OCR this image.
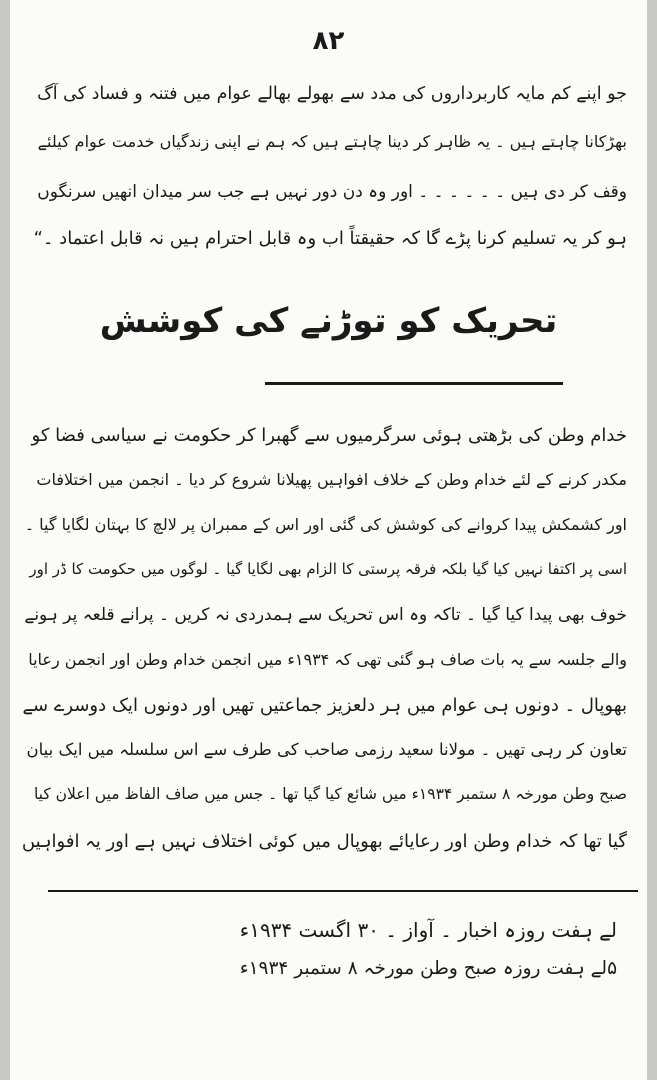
۸۲
جو اپنے کم مایہ کاربرداروں کی مدد سے بھولے بھالے عوام میں فتنہ و فساد کی آگ
بھڑکانا چاہتے ہیں ۔ یہ ظاہر کر دینا چاہتے ہیں کہ ہم نے اپنی زندگیاں خدمت عوام کیلئے
وقف کر دی ہیں ۔ ۔ ۔ ۔ ۔ ۔ اور وہ دن دور نہیں ہے جب سر میدان انھیں سرنگوں
ہو کر یہ تسلیم کرنا پڑے گا کہ حقیقتاً اب وہ قابل احترام ہیں نہ قابل اعتماد ۔“
تحریک کو توڑنے کی کوشش
خدام وطن کی بڑھتی ہوئی سرگرمیوں سے گھبرا کر حکومت نے سیاسی فضا کو
مکدر کرنے کے لئے خدام وطن کے خلاف افواہیں پھیلانا شروع کر دیا ۔ انجمن میں اختلافات
اور کشمکش پیدا کروانے کی کوشش کی گئی اور اس کے ممبران پر لالچ کا بہتان لگایا گیا ۔
اسی پر اکتفا نہیں کیا گیا بلکہ فرقہ پرستی کا الزام بھی لگایا گیا ۔ لوگوں میں حکومت کا ڈر اور
خوف بھی پیدا کیا گیا ۔ تاکہ وہ اس تحریک سے ہمدردی نہ کریں ۔ پرانے قلعہ پر ہونے
والے جلسہ سے یہ بات صاف ہو گئی تھی کہ ۱۹۳۴ء میں انجمن خدام وطن اور انجمن رعایا
بھوپال ۔ دونوں ہی عوام میں ہر دلعزیز جماعتیں تھیں اور دونوں ایک دوسرے سے
تعاون کر رہی تھیں ۔ مولانا سعید رزمی صاحب کی طرف سے اس سلسلہ میں ایک بیان
صبح وطن مورخہ ۸ ستمبر ۱۹۳۴ء میں شائع کیا گیا تھا ۔ جس میں صاف الفاظ میں اعلان کیا
گیا تھا کہ خدام وطن اور رعایائے بھوپال میں کوئی اختلاف نہیں ہے اور یہ افواہیں
لے ہفت روزہ اخبار ۔ آواز ۔ ۳۰ اگست ۱۹۳۴ء
۵لے ہفت روزہ صبح وطن مورخہ ۸ ستمبر ۱۹۳۴ء
